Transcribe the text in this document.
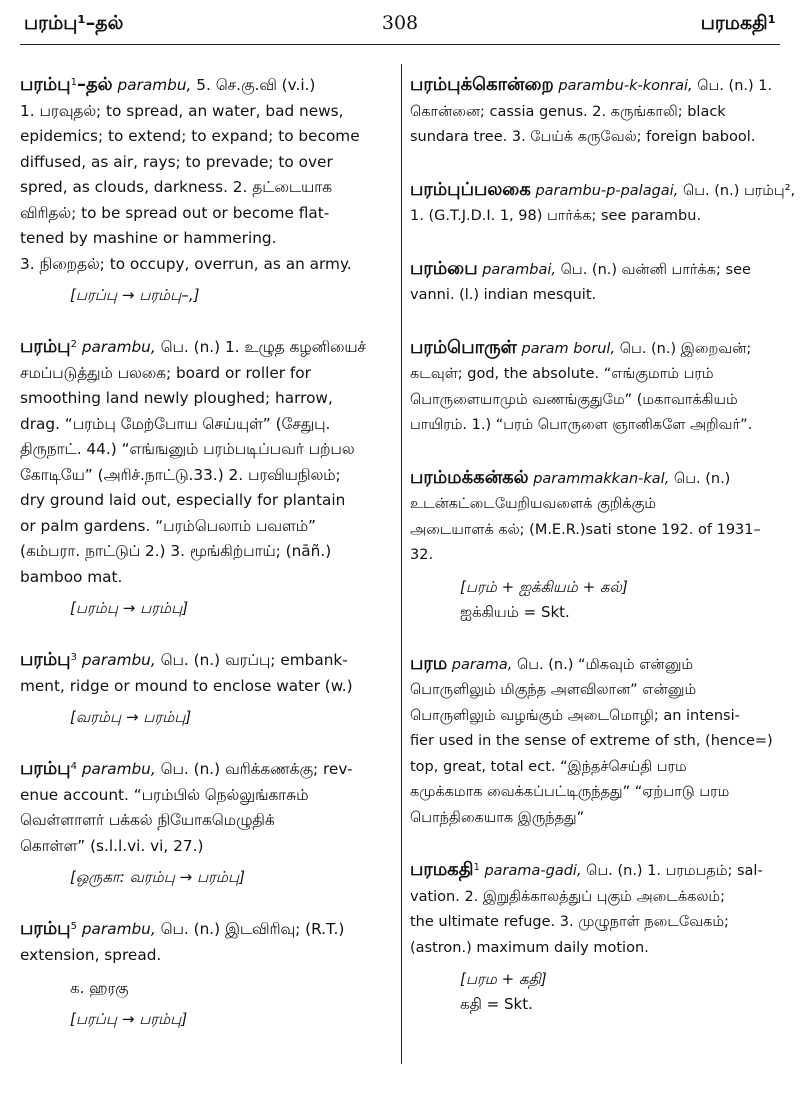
பரம்பு¹–தல்	308	பரமகதி¹
பரம்பு$^1$–தல் parambu, 5. செ.கு.வி (v.i.)
1. பரவுதல்; to spread, an water, bad news,
epidemics; to extend; to expand; to become
diffused, as air, rays; to prevade; to over
spred, as clouds, darkness. 2. தட்டையாக
விரிதல்; to be spread out or become flat-
tened by mashine or hammering.
3. நிறைதல்; to occupy, overrun, as an army.
[பரப்பு → பரம்பு–,]
பரம்பு$^2$ parambu, பெ. (n.) 1. உழுத கழனியைச்
சமப்படுத்தும் பலகை; board or roller for
smoothing land newly ploughed; harrow,
drag. “பரம்பு மேற்போய செய்யுள்” (சேதுபு.
திருநாட். 44.) “எங்ஙனும் பரம்படிப்பவர் பற்பல
கோடியே” (அரிச்.நாட்டு.33.) 2. பரவியநிலம்;
dry ground laid out, especially for plantain
or palm gardens. “பரம்பெலாம் பவளம்”
(கம்பரா. நாட்டுப் 2.) 3. மூங்கிற்பாய்; (nāñ.)
bamboo mat.
[பரம்பு → பரம்பு]
பரம்பு$^3$ parambu, பெ. (n.) வரப்பு; embank-
ment, ridge or mound to enclose water (w.)
[வரம்பு → பரம்பு]
பரம்பு$^4$ parambu, பெ. (n.) வரிக்கணக்கு; rev-
enue account. “பரம்பில் நெல்லுங்காசும்
வெள்ளாளர் பக்கல் நியோகமெழுதிக்
கொள்ள” (s.l.l.vi. vi, 27.)
[ஒருகா: வரம்பு → பரம்பு]
பரம்பு$^5$ parambu, பெ. (n.) இடவிரிவு; (R.T.)
extension, spread.
க. ஹரகு
[பரப்பு → பரம்பு]
பரம்புக்கொன்றை parambu-k-konrai, பெ. (n.) 1.
கொன்னை; cassia genus. 2. கருங்காலி; black
sundara tree. 3. பேய்க் கருவேல்; foreign babool.
பரம்புப்பலகை parambu-p-palagai, பெ. (n.) பரம்பு²,
1. (G.T.J.D.I. 1, 98) பார்க்க; see parambu.
பரம்பை parambai, பெ. (n.) வன்னி பார்க்க; see
vanni. (l.) indian mesquit.
பரம்பொருள் param borul, பெ. (n.) இறைவன்;
கடவுள்; god, the absolute. “எங்குமாம் பரம்
பொருளையாமும் வணங்குதுமே” (மகாவாக்கியம்
பாயிரம். 1.) “பரம் பொருளை ஞானிகளே அறிவர்”.
பரம்மக்கன்கல் parammakkan-kal, பெ. (n.)
உடன்கட்டையேறியவளைக் குறிக்கும்
அடையாளக் கல்; (M.E.R.)sati stone 192. of 1931–
32.
[பரம் + ஐக்கியம் + கல்]
ஐக்கியம் = Skt.
பரம parama, பெ. (n.) “மிகவும் என்னும்
பொருளிலும் மிகுந்த அளவிலான” என்னும்
பொருளிலும் வழங்கும் அடைமொழி; an intensi-
fier used in the sense of extreme of sth, (hence=)
top, great, total ect. “இந்தச்செய்தி பரம
கமுக்கமாக வைக்கப்பட்டிருந்தது” “ஏற்பாடு பரம
பொந்திகையாக இருந்தது”
பரமகதி$^1$ parama-gadi, பெ. (n.) 1. பரமபதம்; sal-
vation. 2. இறுதிக்காலத்துப் புகும் அடைக்கலம்;
the ultimate refuge. 3. முழுநாள் நடைவேகம்;
(astron.) maximum daily motion.
[பரம + கதி]
கதி = Skt.
